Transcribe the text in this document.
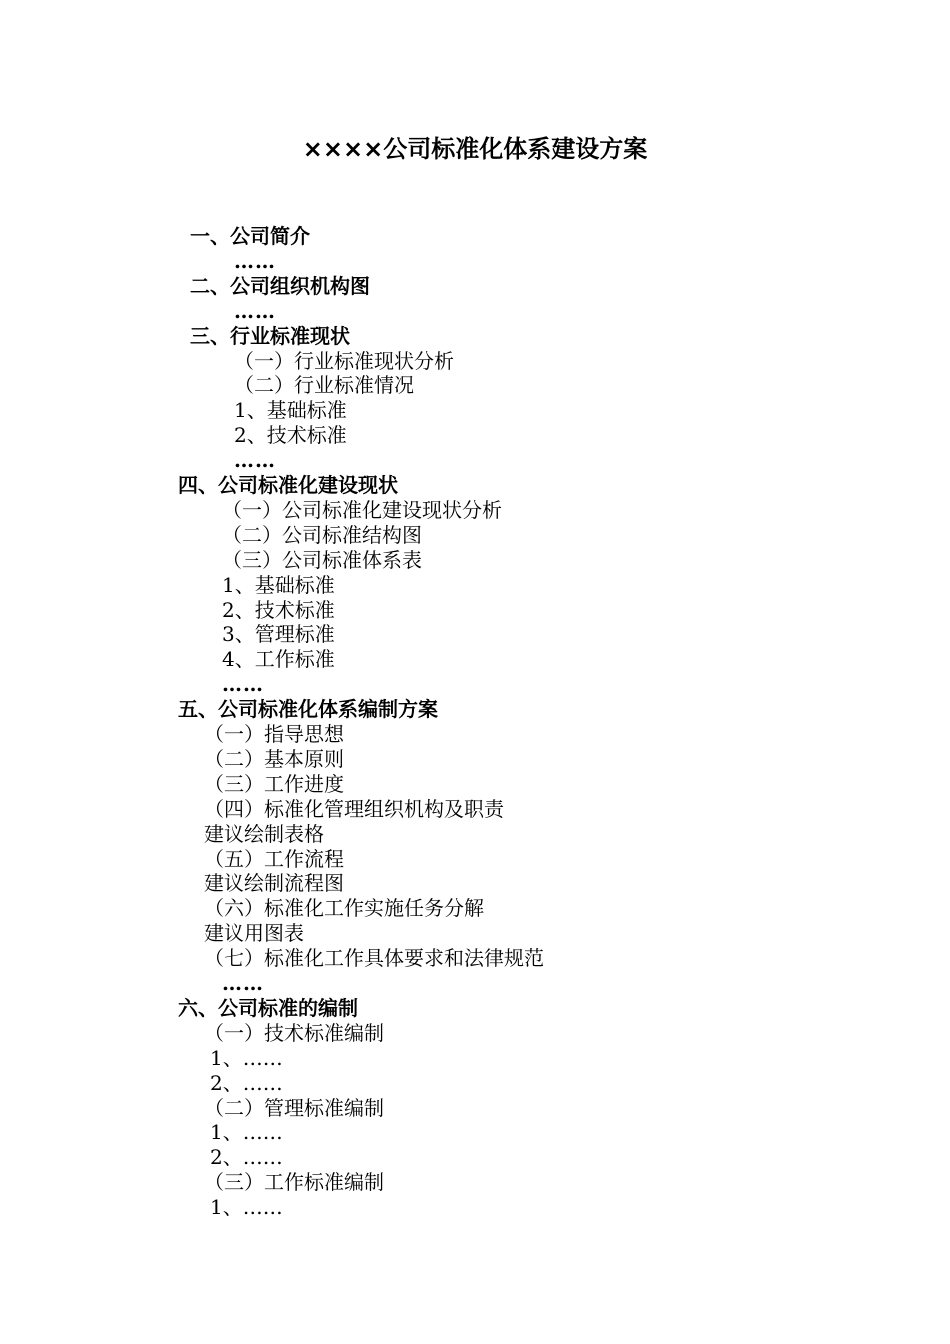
××××公司标准化体系建设方案
一、公司简介
……
二、公司组织机构图
……
三、行业标准现状
（一）行业标准现状分析
（二）行业标准情况
1、基础标准
2、技术标准
……
四、公司标准化建设现状
（一）公司标准化建设现状分析
（二）公司标准结构图
（三）公司标准体系表
1、基础标准
2、技术标准
3、管理标准
4、工作标准
……
五、公司标准化体系编制方案
（一）指导思想
（二）基本原则
（三）工作进度
（四）标准化管理组织机构及职责
建议绘制表格
（五）工作流程
建议绘制流程图
（六）标准化工作实施任务分解
建议用图表
（七）标准化工作具体要求和法律规范
……
六、公司标准的编制
（一）技术标准编制
1、……
2、……
（二）管理标准编制
1、……
2、……
（三）工作标准编制
1、……
